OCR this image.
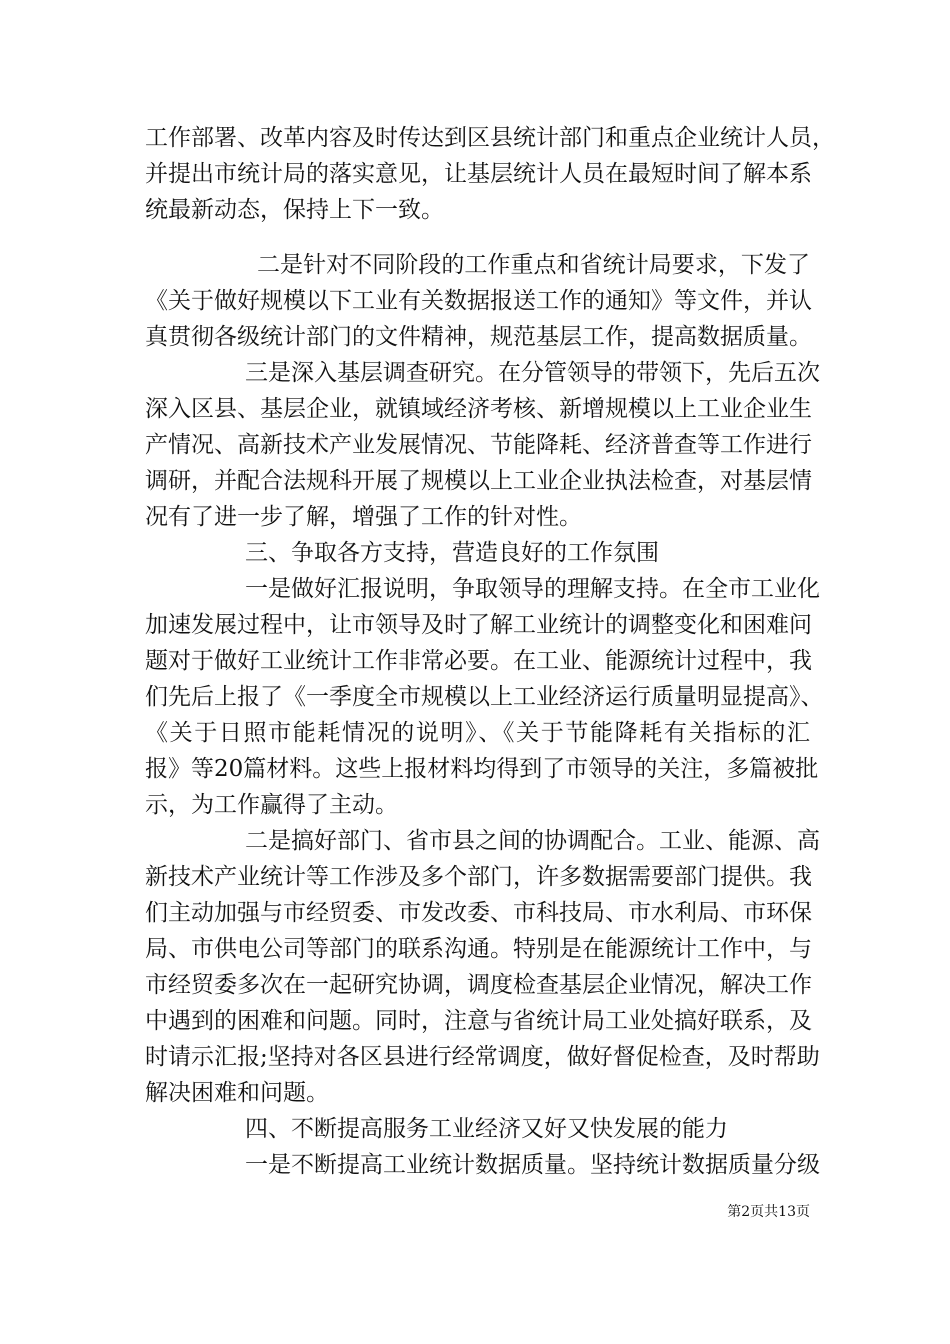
工作部署、改革内容及时传达到区县统计部门和重点企业统计人员，
并提出市统计局的落实意见，让基层统计人员在最短时间了解本系
统最新动态，保持上下一致。
二是针对不同阶段的工作重点和省统计局要求，下发了
《关于做好规模以下工业有关数据报送工作的通知》等文件，并认
真贯彻各级统计部门的文件精神，规范基层工作，提高数据质量。
三是深入基层调查研究。在分管领导的带领下，先后五次
深入区县、基层企业，就镇域经济考核、新增规模以上工业企业生
产情况、高新技术产业发展情况、节能降耗、经济普查等工作进行
调研，并配合法规科开展了规模以上工业企业执法检查，对基层情
况有了进一步了解，增强了工作的针对性。
三、争取各方支持，营造良好的工作氛围
一是做好汇报说明，争取领导的理解支持。在全市工业化
加速发展过程中，让市领导及时了解工业统计的调整变化和困难问
题对于做好工业统计工作非常必要。在工业、能源统计过程中，我
们先后上报了《一季度全市规模以上工业经济运行质量明显提高》、
《关于日照市能耗情况的说明》、《关于节能降耗有关指标的汇
报》等20篇材料。这些上报材料均得到了市领导的关注，多篇被批
示，为工作赢得了主动。
二是搞好部门、省市县之间的协调配合。工业、能源、高
新技术产业统计等工作涉及多个部门，许多数据需要部门提供。我
们主动加强与市经贸委、市发改委、市科技局、市水利局、市环保
局、市供电公司等部门的联系沟通。特别是在能源统计工作中，与
市经贸委多次在一起研究协调，调度检查基层企业情况，解决工作
中遇到的困难和问题。同时，注意与省统计局工业处搞好联系，及
时请示汇报;坚持对各区县进行经常调度，做好督促检查，及时帮助
解决困难和问题。
四、不断提高服务工业经济又好又快发展的能力
一是不断提高工业统计数据质量。坚持统计数据质量分级
第2页共13页
